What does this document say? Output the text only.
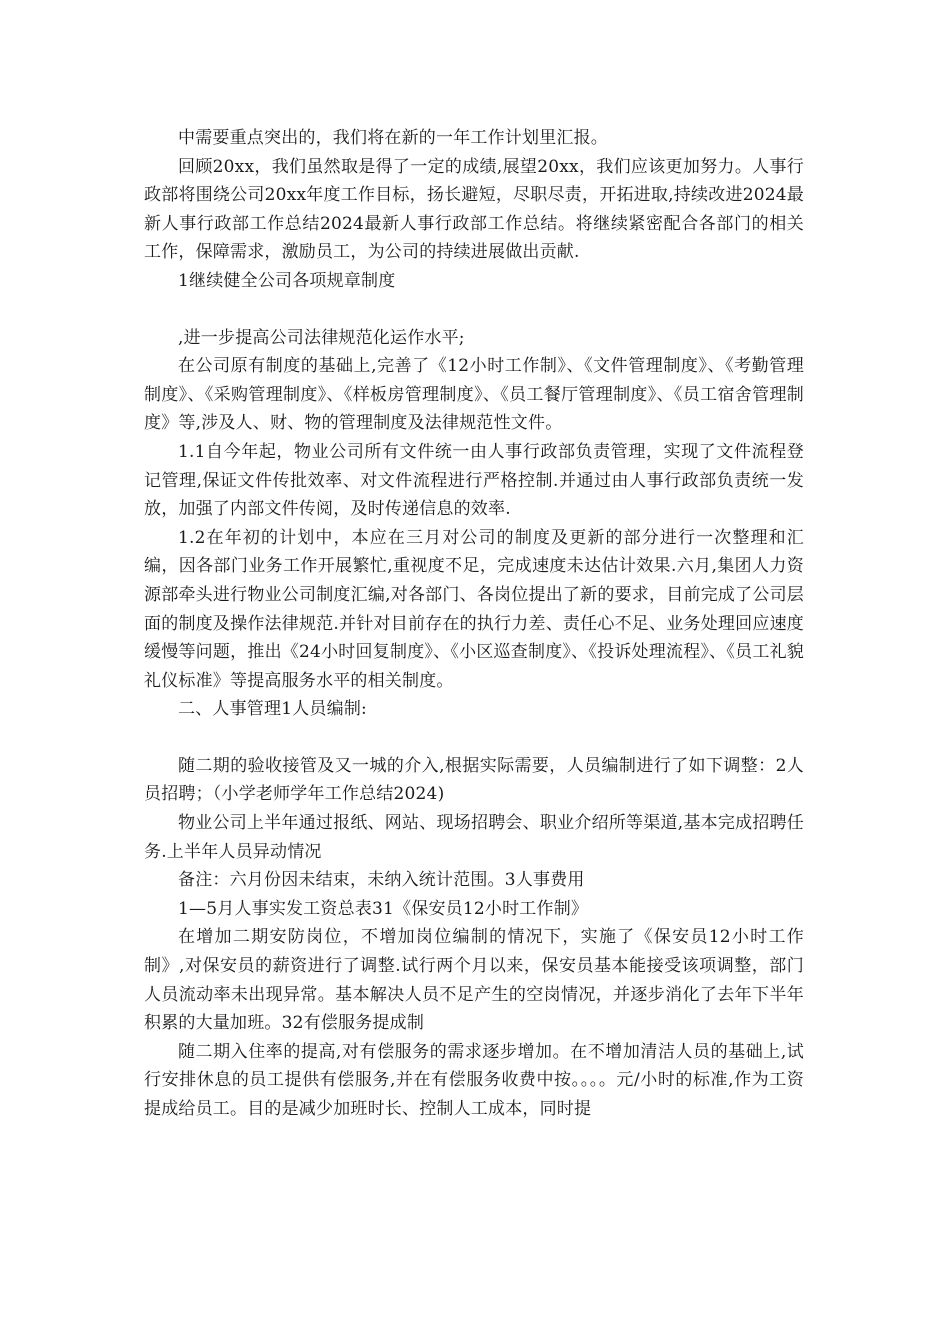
中需要重点突出的，我们将在新的一年工作计划里汇报。

回顾20xx，我们虽然取是得了一定的成绩,展望20xx，我们应该更加努力。人事行政部将围绕公司20xx年度工作目标，扬长避短，尽职尽责，开拓进取,持续改进2024最新人事行政部工作总结2024最新人事行政部工作总结。将继续紧密配合各部门的相关工作，保障需求，激励员工，为公司的持续进展做出贡献.

1继续健全公司各项规章制度

,进一步提高公司法律规范化运作水平;

在公司原有制度的基础上,完善了《12小时工作制》、《文件管理制度》、《考勤管理制度》、《采购管理制度》、《样板房管理制度》、《员工餐厅管理制度》、《员工宿舍管理制度》等,涉及人、财、物的管理制度及法律规范性文件。

1.1自今年起，物业公司所有文件统一由人事行政部负责管理，实现了文件流程登记管理,保证文件传批效率、对文件流程进行严格控制.并通过由人事行政部负责统一发放，加强了内部文件传阅，及时传递信息的效率.

1.2在年初的计划中，本应在三月对公司的制度及更新的部分进行一次整理和汇编，因各部门业务工作开展繁忙,重视度不足，完成速度未达估计效果.六月,集团人力资源部牵头进行物业公司制度汇编,对各部门、各岗位提出了新的要求，目前完成了公司层面的制度及操作法律规范.并针对目前存在的执行力差、责任心不足、业务处理回应速度缓慢等问题，推出《24小时回复制度》、《小区巡查制度》、《投诉处理流程》、《员工礼貌礼仪标准》等提高服务水平的相关制度。

二、人事管理1人员编制:

随二期的验收接管及又一城的介入,根据实际需要，人员编制进行了如下调整：2人员招聘；（小学老师学年工作总结2024)

物业公司上半年通过报纸、网站、现场招聘会、职业介绍所等渠道,基本完成招聘任务.上半年人员异动情况

备注：六月份因未结束，未纳入统计范围。3人事费用

1—5月人事实发工资总表31《保安员12小时工作制》

在增加二期安防岗位，不增加岗位编制的情况下，实施了《保安员12小时工作制》,对保安员的薪资进行了调整.试行两个月以来，保安员基本能接受该项调整，部门人员流动率未出现异常。基本解决人员不足产生的空岗情况，并逐步消化了去年下半年积累的大量加班。32有偿服务提成制

随二期入住率的提高,对有偿服务的需求逐步增加。在不增加清洁人员的基础上,试行安排休息的员工提供有偿服务,并在有偿服务收费中按。。。。元/小时的标准,作为工资提成给员工。目的是减少加班时长、控制人工成本，同时提
